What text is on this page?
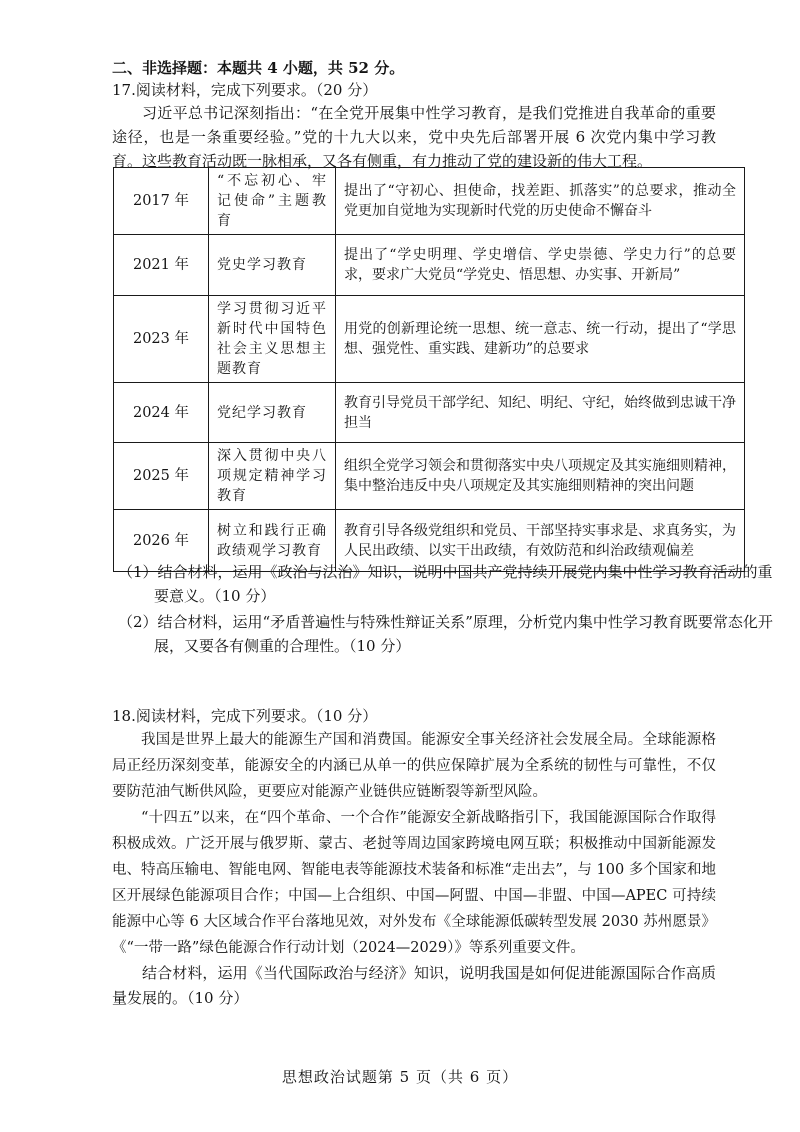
二、非选择题：本题共 4 小题，共 52 分。
17.阅读材料，完成下列要求。（20 分）
习近平总书记深刻指出：“在全党开展集中性学习教育，是我们党推进自我革命的重要途径，也是一条重要经验。”党的十九大以来，党中央先后部署开展 6 次党内集中学习教育。这些教育活动既一脉相承，又各有侧重，有力推动了党的建设新的伟大工程。
2017 年	“不忘初心、牢记使命”主题教育	提出了“守初心、担使命，找差距、抓落实”的总要求，推动全党更加自觉地为实现新时代党的历史使命不懈奋斗
2021 年	党史学习教育	提出了“学史明理、学史增信、学史崇德、学史力行”的总要求，要求广大党员“学党史、悟思想、办实事、开新局”
2023 年	学习贯彻习近平新时代中国特色社会主义思想主题教育	用党的创新理论统一思想、统一意志、统一行动，提出了“学思想、强党性、重实践、建新功”的总要求
2024 年	党纪学习教育	教育引导党员干部学纪、知纪、明纪、守纪，始终做到忠诚干净担当
2025 年	深入贯彻中央八项规定精神学习教育	组织全党学习领会和贯彻落实中央八项规定及其实施细则精神，集中整治违反中央八项规定及其实施细则精神的突出问题
2026 年	树立和践行正确政绩观学习教育	教育引导各级党组织和党员、干部坚持实事求是、求真务实，为人民出政绩、以实干出政绩，有效防范和纠治政绩观偏差
（1）结合材料，运用《政治与法治》知识，说明中国共产党持续开展党内集中性学习教育活动的重要意义。（10 分）
（2）结合材料，运用“矛盾普遍性与特殊性辩证关系”原理，分析党内集中性学习教育既要常态化开展，又要各有侧重的合理性。（10 分）
18.阅读材料，完成下列要求。（10 分）
我国是世界上最大的能源生产国和消费国。能源安全事关经济社会发展全局。全球能源格局正经历深刻变革，能源安全的内涵已从单一的供应保障扩展为全系统的韧性与可靠性，不仅要防范油气断供风险，更要应对能源产业链供应链断裂等新型风险。
“十四五”以来，在“四个革命、一个合作”能源安全新战略指引下，我国能源国际合作取得积极成效。广泛开展与俄罗斯、蒙古、老挝等周边国家跨境电网互联；积极推动中国新能源发电、特高压输电、智能电网、智能电表等能源技术装备和标准“走出去”，与 100 多个国家和地区开展绿色能源项目合作；中国—上合组织、中国—阿盟、中国—非盟、中国—APEC 可持续能源中心等 6 大区域合作平台落地见效，对外发布《全球能源低碳转型发展 2030 苏州愿景》《“一带一路”绿色能源合作行动计划（2024—2029）》等系列重要文件。
结合材料，运用《当代国际政治与经济》知识，说明我国是如何促进能源国际合作高质量发展的。（10 分）
思想政治试题第 5 页（共 6 页）
